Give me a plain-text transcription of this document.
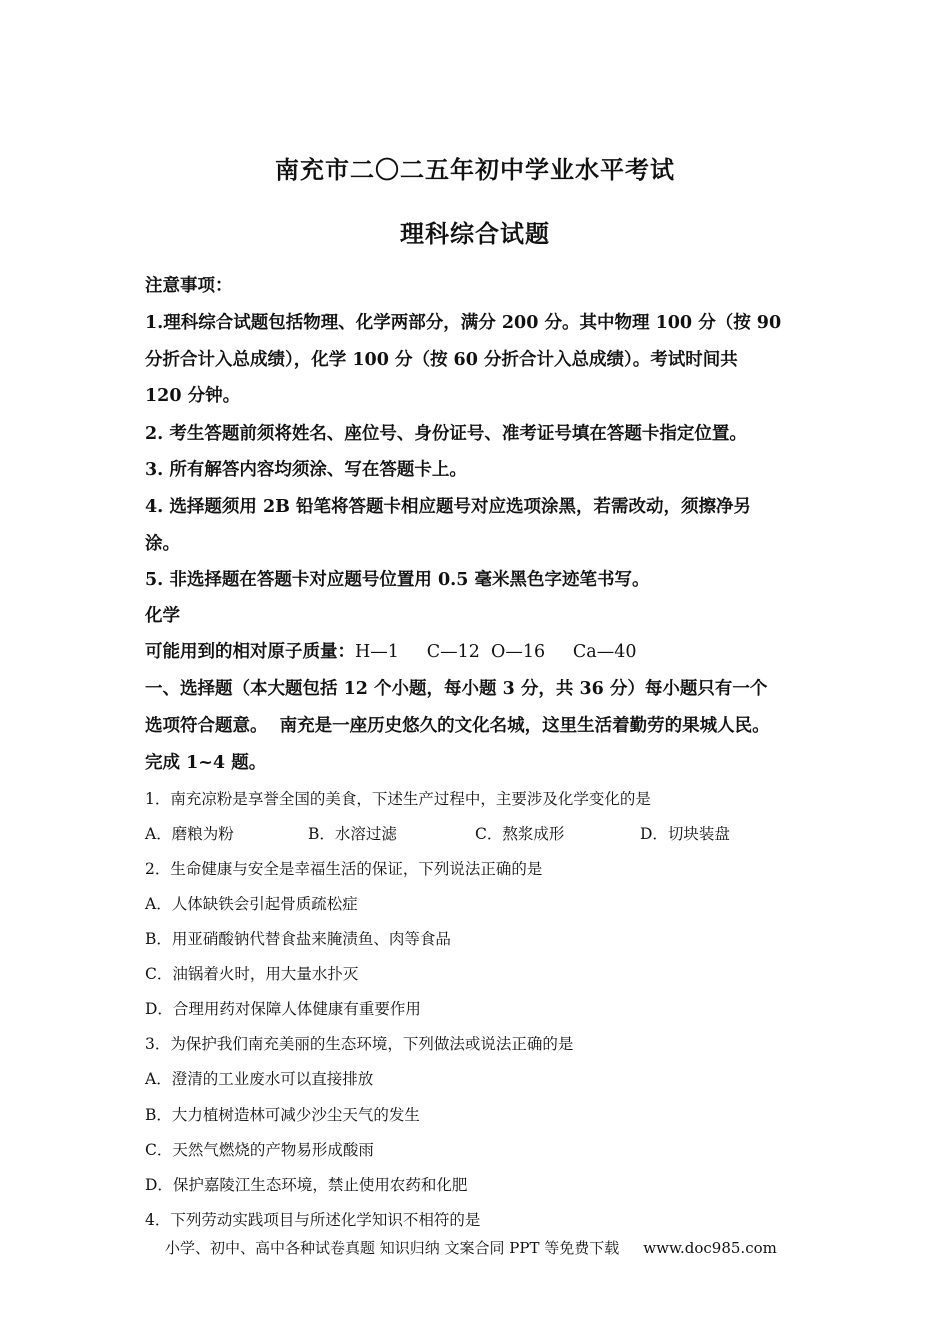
南充市二〇二五年初中学业水平考试
理科综合试题
注意事项：
1.理科综合试题包括物理、化学两部分，满分 200 分。其中物理 100 分（按 90
分折合计入总成绩），化学 100 分（按 60 分折合计入总成绩）。考试时间共
120 分钟。
2. 考生答题前须将姓名、座位号、身份证号、准考证号填在答题卡指定位置。
3. 所有解答内容均须涂、写在答题卡上。
4. 选择题须用 2B 铅笔将答题卡相应题号对应选项涂黑，若需改动，须擦净另
涂。
5. 非选择题在答题卡对应题号位置用 0.5 毫米黑色字迹笔书写。
化学
可能用到的相对原子质量：H—1     C—12  O—16     Ca—40
一、选择题（本大题包括 12 个小题，每小题 3 分，共 36 分）每小题只有一个
选项符合题意。  南充是一座历史悠久的文化名城，这里生活着勤劳的果城人民。
完成 1~4 题。
1．南充凉粉是享誉全国的美食，下述生产过程中，主要涉及化学变化的是
A．磨粮为粉	B．水溶过滤	C．熬浆成形	D．切块装盘
2．生命健康与安全是幸福生活的保证，下列说法正确的是
A．人体缺铁会引起骨质疏松症
B．用亚硝酸钠代替食盐来腌渍鱼、肉等食品
C．油锅着火时，用大量水扑灭
D．合理用药对保障人体健康有重要作用
3．为保护我们南充美丽的生态环境，下列做法或说法正确的是
A．澄清的工业废水可以直接排放
B．大力植树造林可减少沙尘天气的发生
C．天然气燃烧的产物易形成酸雨
D．保护嘉陵江生态环境，禁止使用农药和化肥
4．下列劳动实践项目与所述化学知识不相符的是
小学、初中、高中各种试卷真题 知识归纳 文案合同 PPT 等免费下载 www.doc985.com
